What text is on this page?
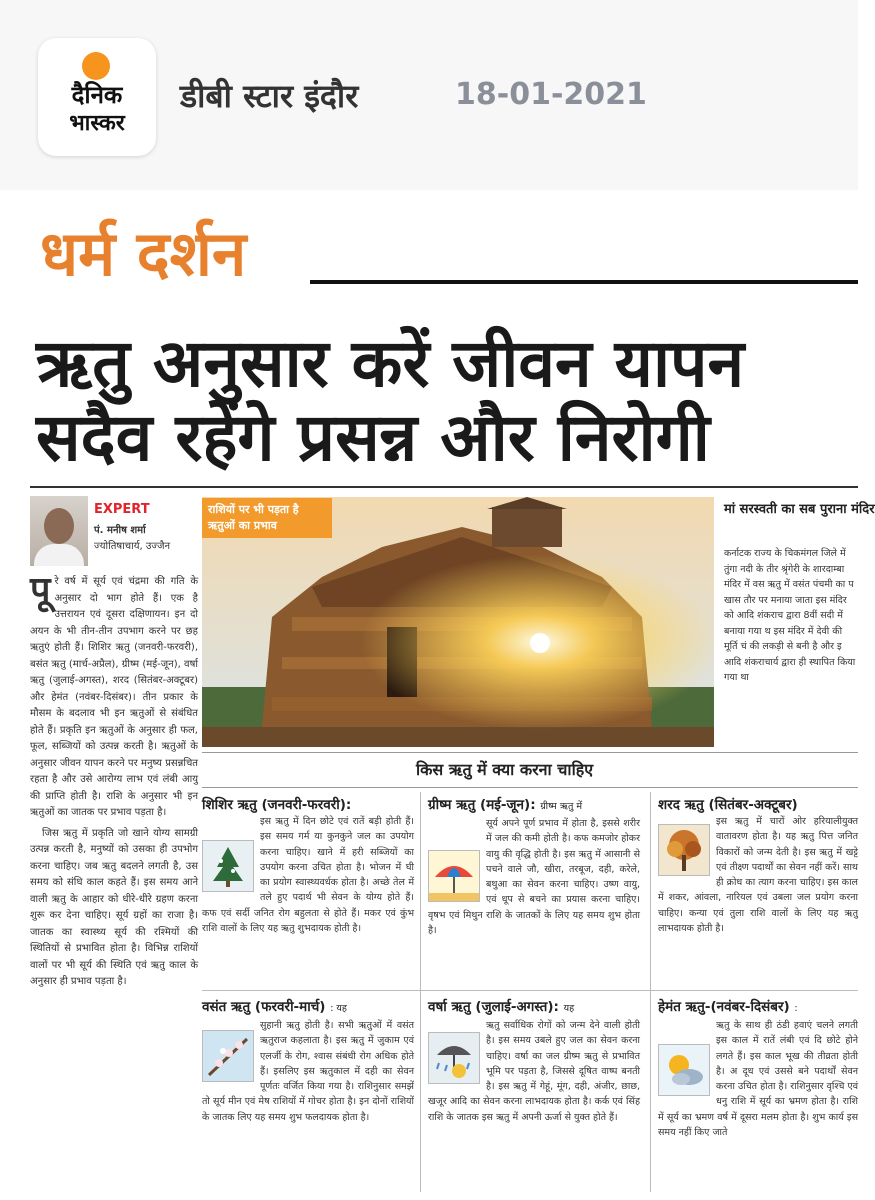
दैनिक
भास्कर
डीबी स्टार इंदौर	18-01-2021
धर्म दर्शन
ऋतु अनुसार करें जीवन यापन
सदैव रहेंगे प्रसन्न और निरोगी
EXPERT
पं. मनीष शर्मा
ज्योतिषाचार्य, उज्जैन

पूरे वर्ष में सूर्य एवं चंद्रमा की गति के अनुसार दो भाग होते हैं। एक है उत्तरायन एवं दूसरा दक्षिणायन। इन दो अयन के भी तीन-तीन उपभाग करने पर छह ऋतुएं होती हैं। शिशिर ऋतु (जनवरी-फरवरी), बसंत ऋतु (मार्च-अप्रैल), ग्रीष्म (मई-जून), वर्षा ऋतु (जुलाई-अगस्त), शरद (सितंबर-अक्टूबर) और हेमंत (नवंबर-दिसंबर)। तीन प्रकार के मौसम के बदलाव भी इन ऋतुओं से संबंधित होते हैं। प्रकृति इन ऋतुओं के अनुसार ही फल, फूल, सब्जियों को उत्पन्न करती है। ऋतुओं के अनुसार जीवन यापन करने पर मनुष्य प्रसन्नचित रहता है और उसे आरोग्य लाभ एवं लंबी आयु की प्राप्ति होती है। राशि के अनुसार भी इन ऋतुओं का जातक पर प्रभाव पड़ता है।

जिस ऋतु में प्रकृति जो खाने योग्य सामग्री उत्पन्न करती है, मनुष्यों को उसका ही उपभोग करना चाहिए। जब ऋतु बदलने लगती है, उस समय को संधि काल कहते हैं। इस समय आने वाली ऋतु के आहार को धीरे-धीरे ग्रहण करना शुरू कर देना चाहिए। सूर्य ग्रहों का राजा है। जातक का स्वास्थ्य सूर्य की रश्मियों की स्थितियों से प्रभावित होता है। विभिन्न राशियों वालों पर भी सूर्य की स्थिति एवं ऋतु काल के अनुसार ही प्रभाव पड़ता है।

राशियों पर भी पड़ता है ऋतुओं का प्रभाव
मां सरस्वती का सब पुराना मंदिर
कर्नाटक राज्य के चिकमंगल जिले में तुंगा नदी के तीर श्रृंगेरी के शारदाम्बा मंदिर में वस ऋतु में वसंत पंचमी का प खास तौर पर मनाया जाता इस मंदिर को आदि शंकराच द्वारा 8वीं सदी में बनाया गया थ इस मंदिर में देवी की मूर्ति चं की लकड़ी से बनी है और इ आदि शंकराचार्य द्वारा ही स्थापित किया गया था
किस ऋतु में क्या करना चाहिए
शिशिर ऋतु (जनवरी-फरवरी):
इस ऋतु में दिन छोटे एवं रातें बड़ी होती हैं। इस समय गर्म या कुनकुने जल का उपयोग करना चाहिए। खाने में हरी सब्जियों का उपयोग करना उचित होता है। भोजन में घी का प्रयोग स्वास्थ्यवर्धक होता है। अच्छे तेल में तले हुए पदार्थ भी सेवन के योग्य होते हैं। कफ एवं सर्दी जनित रोग बहुलता से होते हैं। मकर एवं कुंभ राशि वालों के लिए यह ऋतु शुभदायक होती है।
ग्रीष्म ऋतु (मई-जून): ग्रीष्म ऋतु में
सूर्य अपने पूर्ण प्रभाव में होता है, इससे शरीर में जल की कमी होती है। कफ कमजोर होकर वायु की वृद्धि होती है। इस ऋतु में आसानी से पचने वाले जौ, खीरा, तरबूज, दही, करेले, बथुआ का सेवन करना चाहिए। उष्ण वायु, एवं धूप से बचने का प्रयास करना चाहिए। वृषभ एवं मिथुन राशि के जातकों के लिए यह समय शुभ होता है।
शरद ऋतु (सितंबर-अक्टूबर)
इस ऋतु में चारों ओर हरियालीयुक्त वातावरण होता है। यह ऋतु पित्त जनित विकारों को जन्म देती है। इस ऋतु में खट्टे एवं तीक्ष्ण पदार्थों का सेवन नहीं करें। साथ ही क्रोध का त्याग करना चाहिए। इस काल में शकर, आंवला, नारियल एवं उबला जल प्रयोग करना चाहिए। कन्या एवं तुला राशि वालों के लिए यह ऋतु लाभदायक होती है।
वसंत ऋतु (फरवरी-मार्च) : यह
सुहानी ऋतु होती है। सभी ऋतुओं में वसंत ऋतुराज कहलाता है। इस ऋतु में जुकाम एवं एलर्जी के रोग, श्वास संबंधी रोग अधिक होते हैं। इसलिए इस ऋतुकाल में दही का सेवन पूर्णतः वर्जित किया गया है। राशिनुसार समझें तो सूर्य मीन एवं मेष राशियों में गोचर होता है। इन दोनों राशियों के जातक लिए यह समय शुभ फलदायक होता है।
वर्षा ऋतु (जुलाई-अगस्त): यह
ऋतु सर्वाधिक रोगों को जन्म देने वाली होती है। इस समय उबले हुए जल का सेवन करना चाहिए। वर्षा का जल ग्रीष्म ऋतु से प्रभावित भूमि पर पड़ता है, जिससे दूषित वाष्प बनती है। इस ऋतु में गेहूं, मूंग, दही, अंजीर, छाछ, खजूर आदि का सेवन करना लाभदायक होता है। कर्क एवं सिंह राशि के जातक इस ऋतु में अपनी ऊर्जा से युक्त होते हैं।
हेमंत ऋतु-(नवंबर-दिसंबर) :
ऋतु के साथ ही ठंडी हवाएं चलने लगती इस काल में रातें लंबी एवं दि छोटे होने लगते हैं। इस काल भूख की तीव्रता होती है। अ दूध एवं उससे बने पदार्थों सेवन करना उचित होता है। राशिनुसार वृश्चि एवं धनु राशि में सूर्य का भ्रमण होता है। राशि में सूर्य का भ्रमण वर्ष में दूसरा मलम होता है। शुभ कार्य इस समय नहीं किए जाते
